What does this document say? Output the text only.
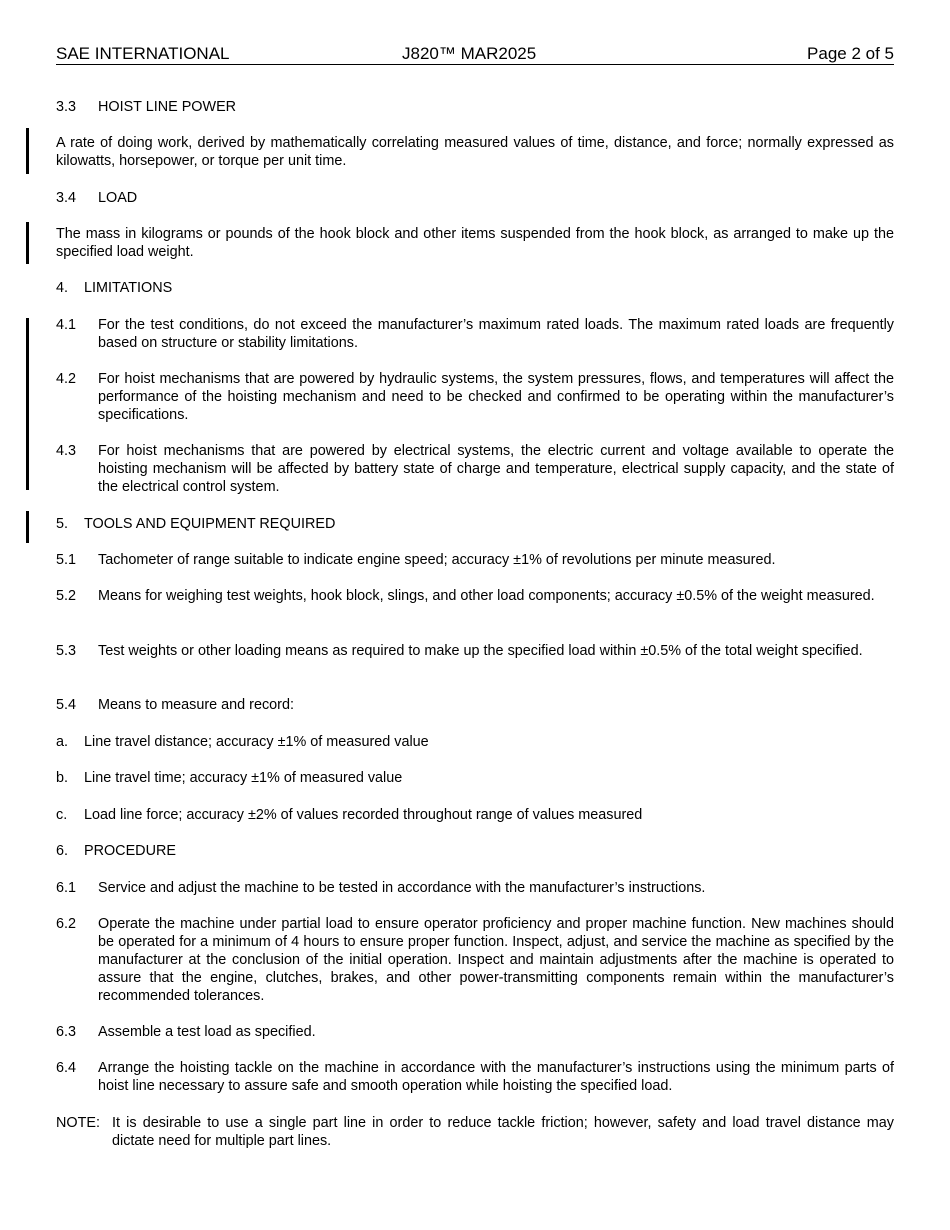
SAE INTERNATIONAL	J820™ MAR2025	Page 2 of 5
3.3	HOIST LINE POWER
A rate of doing work, derived by mathematically correlating measured values of time, distance, and force; normally expressed as kilowatts, horsepower, or torque per unit time.
3.4	LOAD
The mass in kilograms or pounds of the hook block and other items suspended from the hook block, as arranged to make up the specified load weight.
4.	LIMITATIONS
4.1	For the test conditions, do not exceed the manufacturer’s maximum rated loads. The maximum rated loads are frequently based on structure or stability limitations.
4.2	For hoist mechanisms that are powered by hydraulic systems, the system pressures, flows, and temperatures will affect the performance of the hoisting mechanism and need to be checked and confirmed to be operating within the manufacturer’s specifications.
4.3	For hoist mechanisms that are powered by electrical systems, the electric current and voltage available to operate the hoisting mechanism will be affected by battery state of charge and temperature, electrical supply capacity, and the state of the electrical control system.
5.	TOOLS AND EQUIPMENT REQUIRED
5.1	Tachometer of range suitable to indicate engine speed; accuracy ±1% of revolutions per minute measured.
5.2	Means for weighing test weights, hook block, slings, and other load components; accuracy ±0.5% of the weight measured.
5.3	Test weights or other loading means as required to make up the specified load within ±0.5% of the total weight specified.
5.4	Means to measure and record:
a.	Line travel distance; accuracy ±1% of measured value
b.	Line travel time; accuracy ±1% of measured value
c.	Load line force; accuracy ±2% of values recorded throughout range of values measured
6.	PROCEDURE
6.1	Service and adjust the machine to be tested in accordance with the manufacturer’s instructions.
6.2	Operate the machine under partial load to ensure operator proficiency and proper machine function. New machines should be operated for a minimum of 4 hours to ensure proper function. Inspect, adjust, and service the machine as specified by the manufacturer at the conclusion of the initial operation. Inspect and maintain adjustments after the machine is operated to assure that the engine, clutches, brakes, and other power-transmitting components remain within the manufacturer’s recommended tolerances.
6.3	Assemble a test load as specified.
6.4	Arrange the hoisting tackle on the machine in accordance with the manufacturer’s instructions using the minimum parts of hoist line necessary to assure safe and smooth operation while hoisting the specified load.
NOTE: It is desirable to use a single part line in order to reduce tackle friction; however, safety and load travel distance may dictate need for multiple part lines.
